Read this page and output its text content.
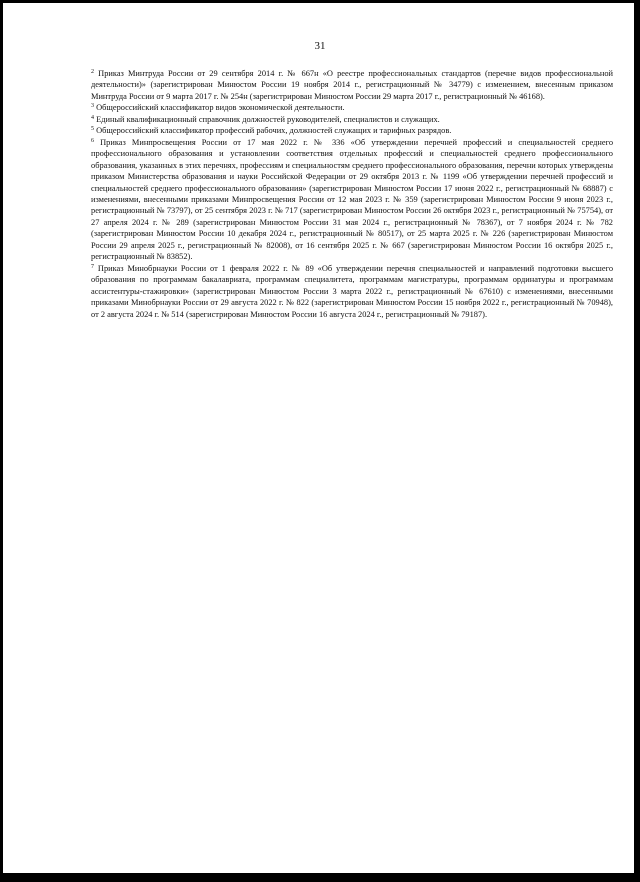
31

$^2$ Приказ Минтруда России от 29 сентября 2014 г. № 667н «О реестре профессиональных стандартов (перечне видов профессиональной деятельности)» (зарегистрирован Минюстом России 19 ноября 2014 г., регистрационный № 34779) с изменением, внесенным приказом Минтруда России от 9 марта 2017 г. № 254н (зарегистрирован Минюстом России 29 марта 2017 г., регистрационный № 46168).

$^3$ Общероссийский классификатор видов экономической деятельности.

$^4$ Единый квалификационный справочник должностей руководителей, специалистов и служащих.

$^5$ Общероссийский классификатор профессий рабочих, должностей служащих и тарифных разрядов.

$^6$ Приказ Минпросвещения России от 17 мая 2022 г. № 336 «Об утверждении перечней профессий и специальностей среднего профессионального образования и установлении соответствия отдельных профессий и специальностей среднего профессионального образования, указанных в этих перечнях, профессиям и специальностям среднего профессионального образования, перечни которых утверждены приказом Министерства образования и науки Российской Федерации от 29 октября 2013 г. № 1199 «Об утверждении перечней профессий и специальностей среднего профессионального образования» (зарегистрирован Минюстом России 17 июня 2022 г., регистрационный № 68887) с изменениями, внесенными приказами Минпросвещения России от 12 мая 2023 г. № 359 (зарегистрирован Минюстом России 9 июня 2023 г., регистрационный № 73797), от 25 сентября 2023 г. № 717 (зарегистрирован Минюстом России 26 октября 2023 г., регистрационный № 75754), от 27 апреля 2024 г. № 289 (зарегистрирован Минюстом России 31 мая 2024 г., регистрационный № 78367), от 7 ноября 2024 г. № 782 (зарегистрирован Минюстом России 10 декабря 2024 г., регистрационный № 80517), от 25 марта 2025 г. № 226 (зарегистрирован Минюстом России 29 апреля 2025 г., регистрационный № 82008), от 16 сентября 2025 г. № 667 (зарегистрирован Минюстом России 16 октября 2025 г., регистрационный № 83852).

$^7$ Приказ Минобрнауки России от 1 февраля 2022 г. № 89 «Об утверждении перечня специальностей и направлений подготовки высшего образования по программам бакалавриата, программам специалитета, программам магистратуры, программам ординатуры и программам ассистентуры-стажировки» (зарегистрирован Минюстом России 3 марта 2022 г., регистрационный № 67610) с изменениями, внесенными приказами Минобрнауки России от 29 августа 2022 г. № 822 (зарегистрирован Минюстом России 15 ноября 2022 г., регистрационный № 70948), от 2 августа 2024 г. № 514 (зарегистрирован Минюстом России 16 августа 2024 г., регистрационный № 79187).
